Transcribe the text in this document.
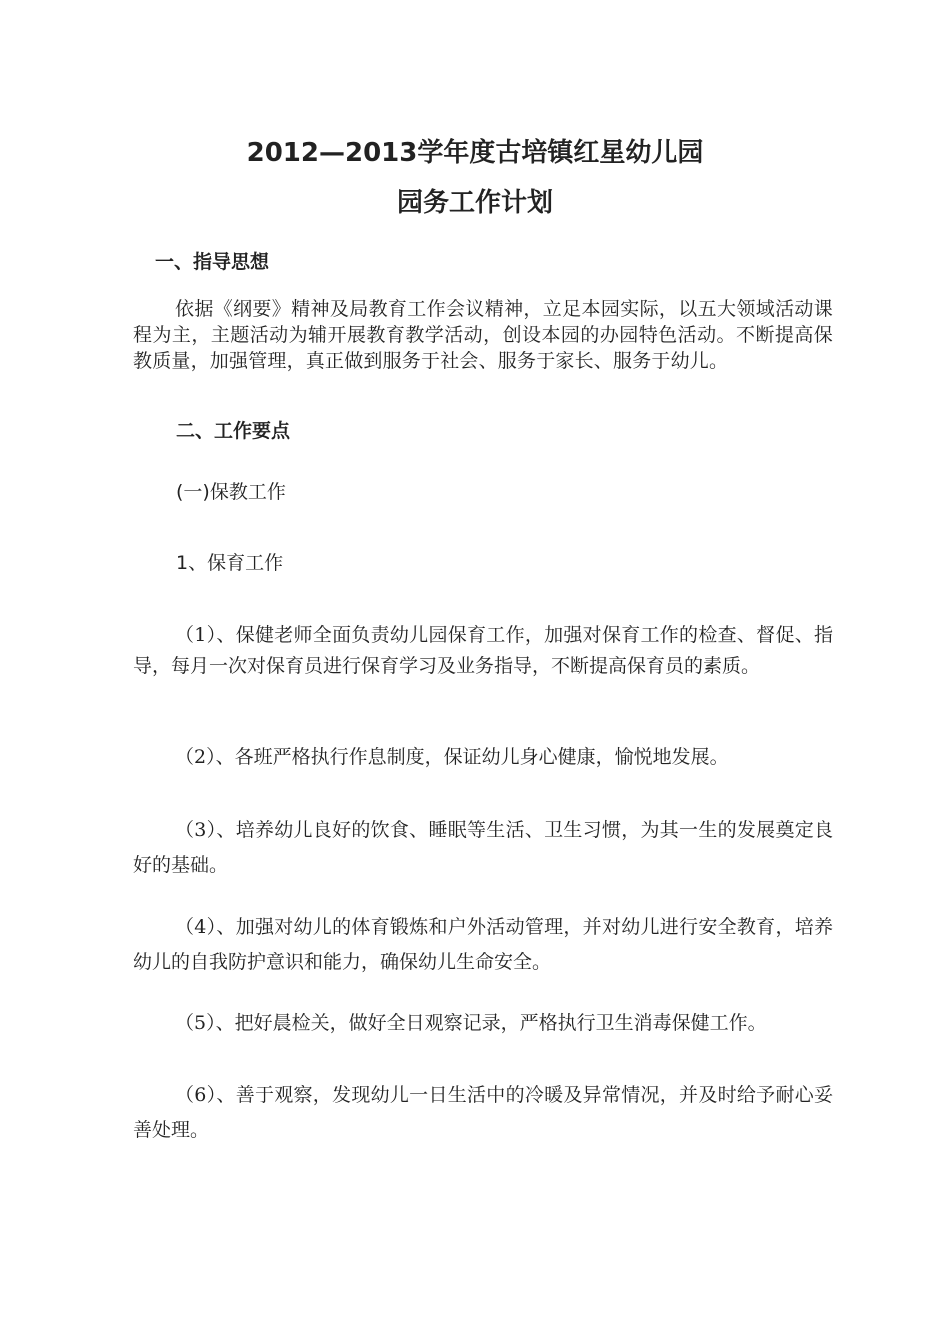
2012—2013学年度古培镇红星幼儿园
园务工作计划
一、指导思想

依据《纲要》精神及局教育工作会议精神，立足本园实际，以五大领域活动课程为主，主题活动为辅开展教育教学活动，创设本园的办园特色活动。不断提高保教质量，加强管理，真正做到服务于社会、服务于家长、服务于幼儿。

二、工作要点

(一)保教工作

1、保育工作

（1）、保健老师全面负责幼儿园保育工作，加强对保育工作的检查、督促、指导，每月一次对保育员进行保育学习及业务指导，不断提高保育员的素质。

（2）、各班严格执行作息制度，保证幼儿身心健康，愉悦地发展。

（3）、培养幼儿良好的饮食、睡眠等生活、卫生习惯，为其一生的发展奠定良好的基础。

（4）、加强对幼儿的体育锻炼和户外活动管理，并对幼儿进行安全教育，培养幼儿的自我防护意识和能力，确保幼儿生命安全。

（5）、把好晨检关，做好全日观察记录，严格执行卫生消毒保健工作。

（6）、善于观察，发现幼儿一日生活中的冷暖及异常情况，并及时给予耐心妥善处理。
